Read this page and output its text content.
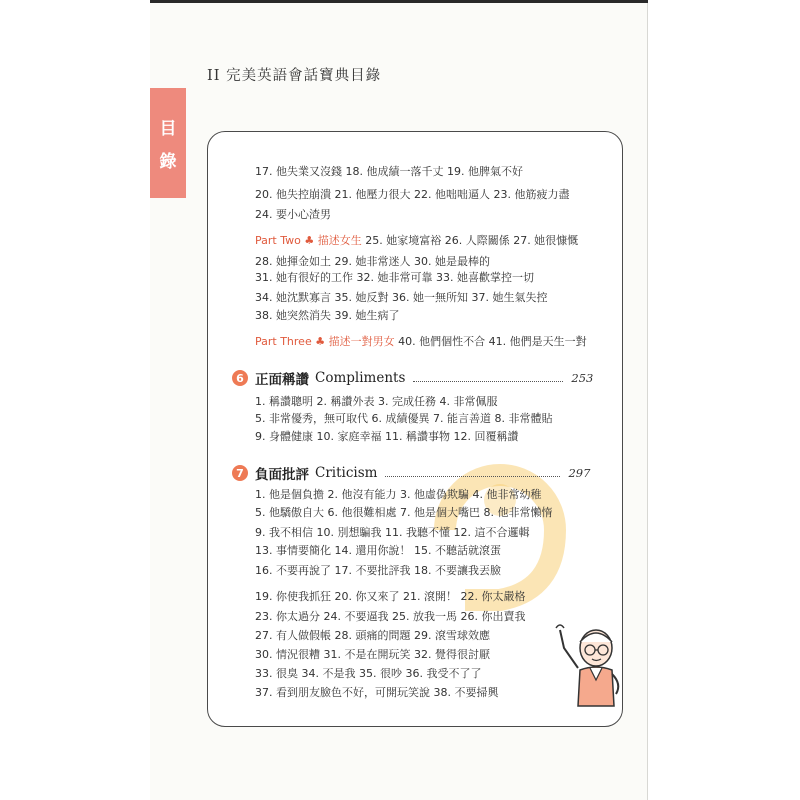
II 完美英語會話寶典目錄
目
錄	17. 他失業又沒錢 18. 他成績一落千丈 19. 他脾氣不好
20. 他失控崩潰 21. 他壓力很大 22. 他咄咄逼人 23. 他筋疲力盡
24. 要小心渣男
Part Two ♣ 描述女生 25. 她家境富裕 26. 人際關係 27. 她很慷慨
28. 她揮金如土 29. 她非常迷人 30. 她是最棒的
31. 她有很好的工作 32. 她非常可靠 33. 她喜歡掌控一切
34. 她沈默寡言 35. 她反對 36. 她一無所知 37. 她生氣失控
38. 她突然消失 39. 她生病了
Part Three ♣ 描述一對男女 40. 他們個性不合 41. 他們是天生一對
6 正面稱讚 Compliments	253
1. 稱讚聰明 2. 稱讚外表 3. 完成任務 4. 非常佩服
5. 非常優秀，無可取代 6. 成績優異 7. 能言善道 8. 非常體貼
9. 身體健康 10. 家庭幸福 11. 稱讚事物 12. 回覆稱讚
7 負面批評 Criticism	297
1. 他是個負擔 2. 他沒有能力 3. 他虛偽欺騙 4. 他非常幼稚
5. 他驕傲自大 6. 他很難相處 7. 他是個大嘴巴 8. 他非常懶惰
9. 我不相信 10. 別想騙我 11. 我聽不懂 12. 這不合邏輯
13. 事情要簡化 14. 還用你說！ 15. 不聽話就滾蛋
16. 不要再說了 17. 不要批評我 18. 不要讓我丟臉
19. 你使我抓狂 20. 你又來了 21. 滾開！ 22. 你太嚴格
23. 你太過分 24. 不要逼我 25. 放我一馬 26. 你出賣我
27. 有人做假帳 28. 頭痛的問題 29. 滾雪球效應
30. 情況很糟 31. 不是在開玩笑 32. 覺得很討厭
33. 很臭 34. 不是我 35. 很吵 36. 我受不了了
37. 看到朋友臉色不好，可開玩笑說 38. 不要掃興
